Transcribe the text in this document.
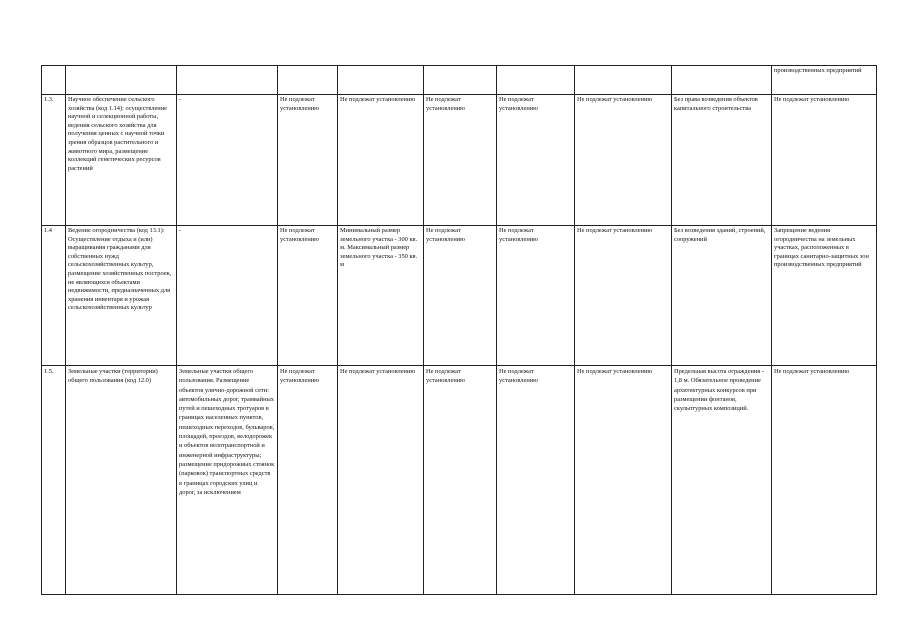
									производственных предприятий

1.3.	Научное обеспечение сельского хозяйства (код 1.14): осуществление научной и селекционной работы, ведения сельского хозяйства для получения ценных с научной точки зрения образцов растительного и животного мира, размещение коллекций генетических ресурсов растений	-	Не подлежат установлению	Не подлежат установлению	Не подлежат установлению	Не подлежат установлению	Не подлежат установлению	Без права возведения объектов капитального строительства	Не подлежат установлению

1.4	Ведение огородничества (код 13.1): Осуществление отдыха и (или) выращивания гражданами для собственных нужд сельскохозяйственных культур, размещение хозяйственных построек, не являющихся объектами недвижимости, предназначенных для хранения инвентаря и урожая сельскохозяйственных культур	-	Не подлежат установлению	Минимальный размер земельного участка - 300 кв. м. Максимальный размер земельного участка - 350 кв. м	Не подлежат установлению	Не подлежат установлению	Не подлежат установлению	Без возведения зданий, строений, сооружений	Запрещение ведения огородничества на земельных участках, расположенных в границах санитарно-защитных зон производственных предприятий

1.5.	Земельные участки (территории) общего пользования (код 12.0)	Земельные участки общего пользования. Размещение объектов улично-дорожной сети: автомобильных дорог, трамвайных путей и пешеходных тротуаров в границах населенных пунктов, пешеходных переходов, бульваров, площадей, проездов, велодорожек и объектов велотранспортной и инженерной инфраструктуры; размещение придорожных стоянок (парковок) транспортных средств в границах городских улиц и дорог, за исключением	Не подлежат установлению	Не подлежат установлению	Не подлежат установлению	Не подлежат установлению	Не подлежат установлению	Предельная высота ограждения - 1,8 м. Обязательное проведение архитектурных конкурсов при размещении фонтанов, скульптурных композиций.	Не подлежат установлению
